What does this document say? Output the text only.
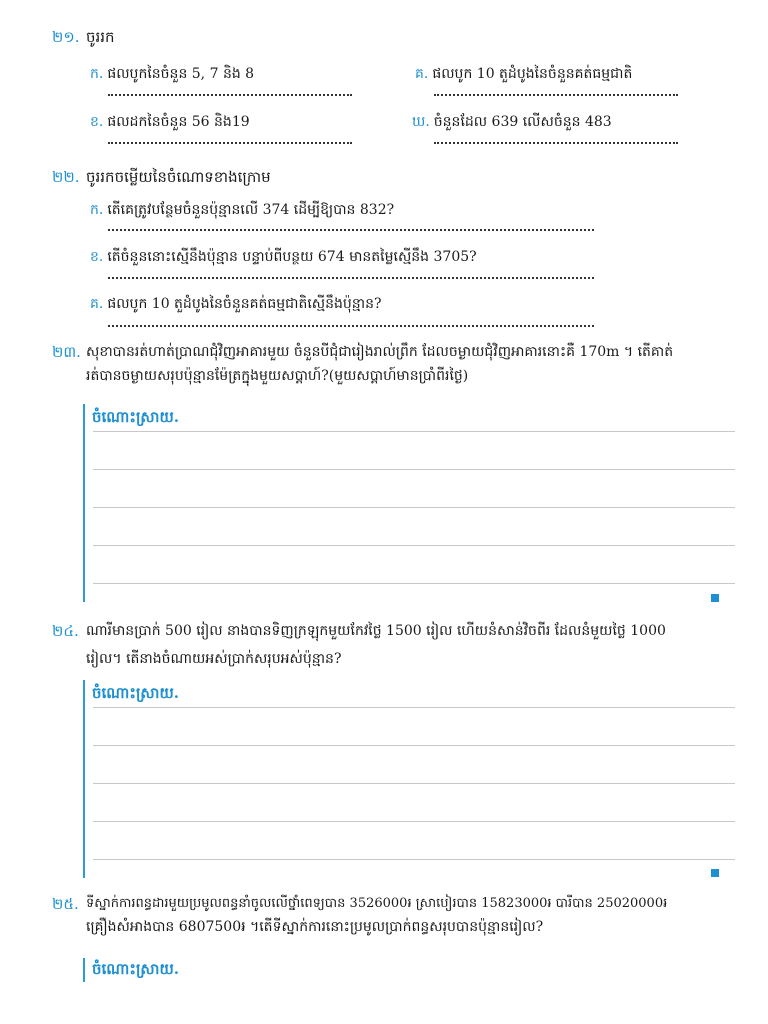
២១. ចូររក
ក. ផលបូកនៃចំនួន 5, 7 និង 8	គ. ផលបូក 10 តួដំបូងនៃចំនួនគត់ធម្មជាតិ
ខ. ផលដកនៃចំនួន 56 និង19	ឃ. ចំនួនដែល 639 លើសចំនួន 483
២២. ចូររកចម្លើយនៃចំណោទខាងក្រោម
ក. តើគេត្រូវបន្ថែមចំនួនប៉ុន្មានលើ 374 ដើម្បីឱ្យបាន 832?
ខ. តើចំនួននោះស្មើនឹងប៉ុន្មាន បន្ទាប់ពីបន្ថយ 674 មានតម្លៃស្មើនឹង 3705?
គ. ផលបូក 10 តួដំបូងនៃចំនួនគត់ធម្មជាតិស្មើនឹងប៉ុន្មាន?
២៣. សុខាបានរត់ហាត់ប្រាណជុំវិញអាគារមួយ ចំនួនបីជុំជារៀងរាល់ព្រឹក ដែលចម្ងាយជុំវិញអាគារនោះគឺ 170m ។ តើគាត់
រត់បានចម្ងាយសរុបប៉ុន្មានម៉ែត្រក្នុងមួយសប្តាហ៍?(មួយសប្តាហ៍មានប្រាំពីរថ្ងៃ)
ចំណោះស្រាយ.
២៤. ណារីមានប្រាក់ 500 រៀល នាងបានទិញក្រឡុកមួយកែវថ្លៃ 1500 រៀល ហើយនំសាន់វិចពីរ ដែលនំមួយថ្លៃ 1000
រៀល។ តើនាងចំណាយអស់ប្រាក់សរុបអស់ប៉ុន្មាន?
ចំណោះស្រាយ.
២៥. ទីស្នាក់ការពន្ធដារមួយប្រមូលពន្ធនាំចូលលើថ្នាំពេទ្យបាន 3526000៛ ស្រាបៀរបាន 15823000៛ បារីបាន 25020000៛
គ្រឿងសំអាងបាន 6807500៛ ។តើទីស្នាក់ការនោះប្រមូលប្រាក់ពន្ធសរុបបានប៉ុន្មានរៀល?
ចំណោះស្រាយ.
